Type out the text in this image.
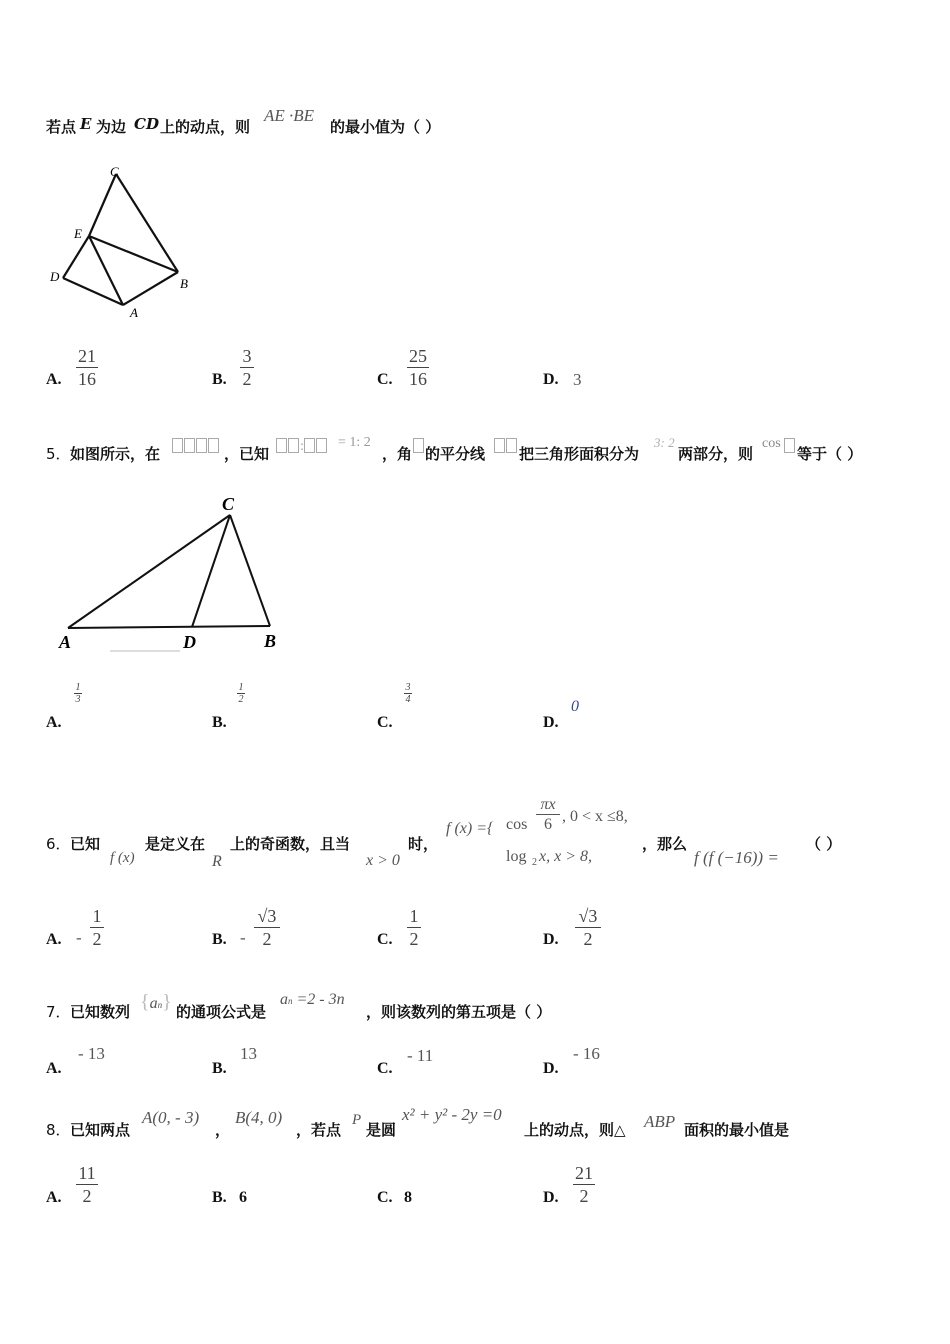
若点 E 为边 CD 上的动点，则
AE ·BE
的最小值为（ ）
C
E
D	B
A
A.
21
16	B.
3
2	C.
25
16	D. 3
5． 如图所示，在	，已知	:	= 1: 2
，角 的平分线 把三角形面积分为
3: 2
两部分，则
cos
等于（ ）
C
A	D	B
A.
1
3
B.
1
2
C.
3
4
D.
0
6． 已知
f (x)
是定义在
R
上的奇函数，且当
x > 0
时，
f (x) ={ cos
πx
6 , 0 < x ≤8,
log 2 x, x > 8,
，那么
f (f (−16)) =
（ ）
A. -
1
2	B. -
√3
2	C.
1
2	D.
√3
2
7． 已知数列 {an} 的通项公式是
an =2 - 3n
，则该数列的第五项是（ ）
A.
- 13
B.
13
C.
- 11
D.
- 16
8． 已知两点
A(0, - 3)
，
B(4, 0)
，若点
P
是圆
x² + y² - 2y =0
上的动点，则△ ABP 面积的最小值是
A.
11
2	B. 6	C. 8	D.
21
2
